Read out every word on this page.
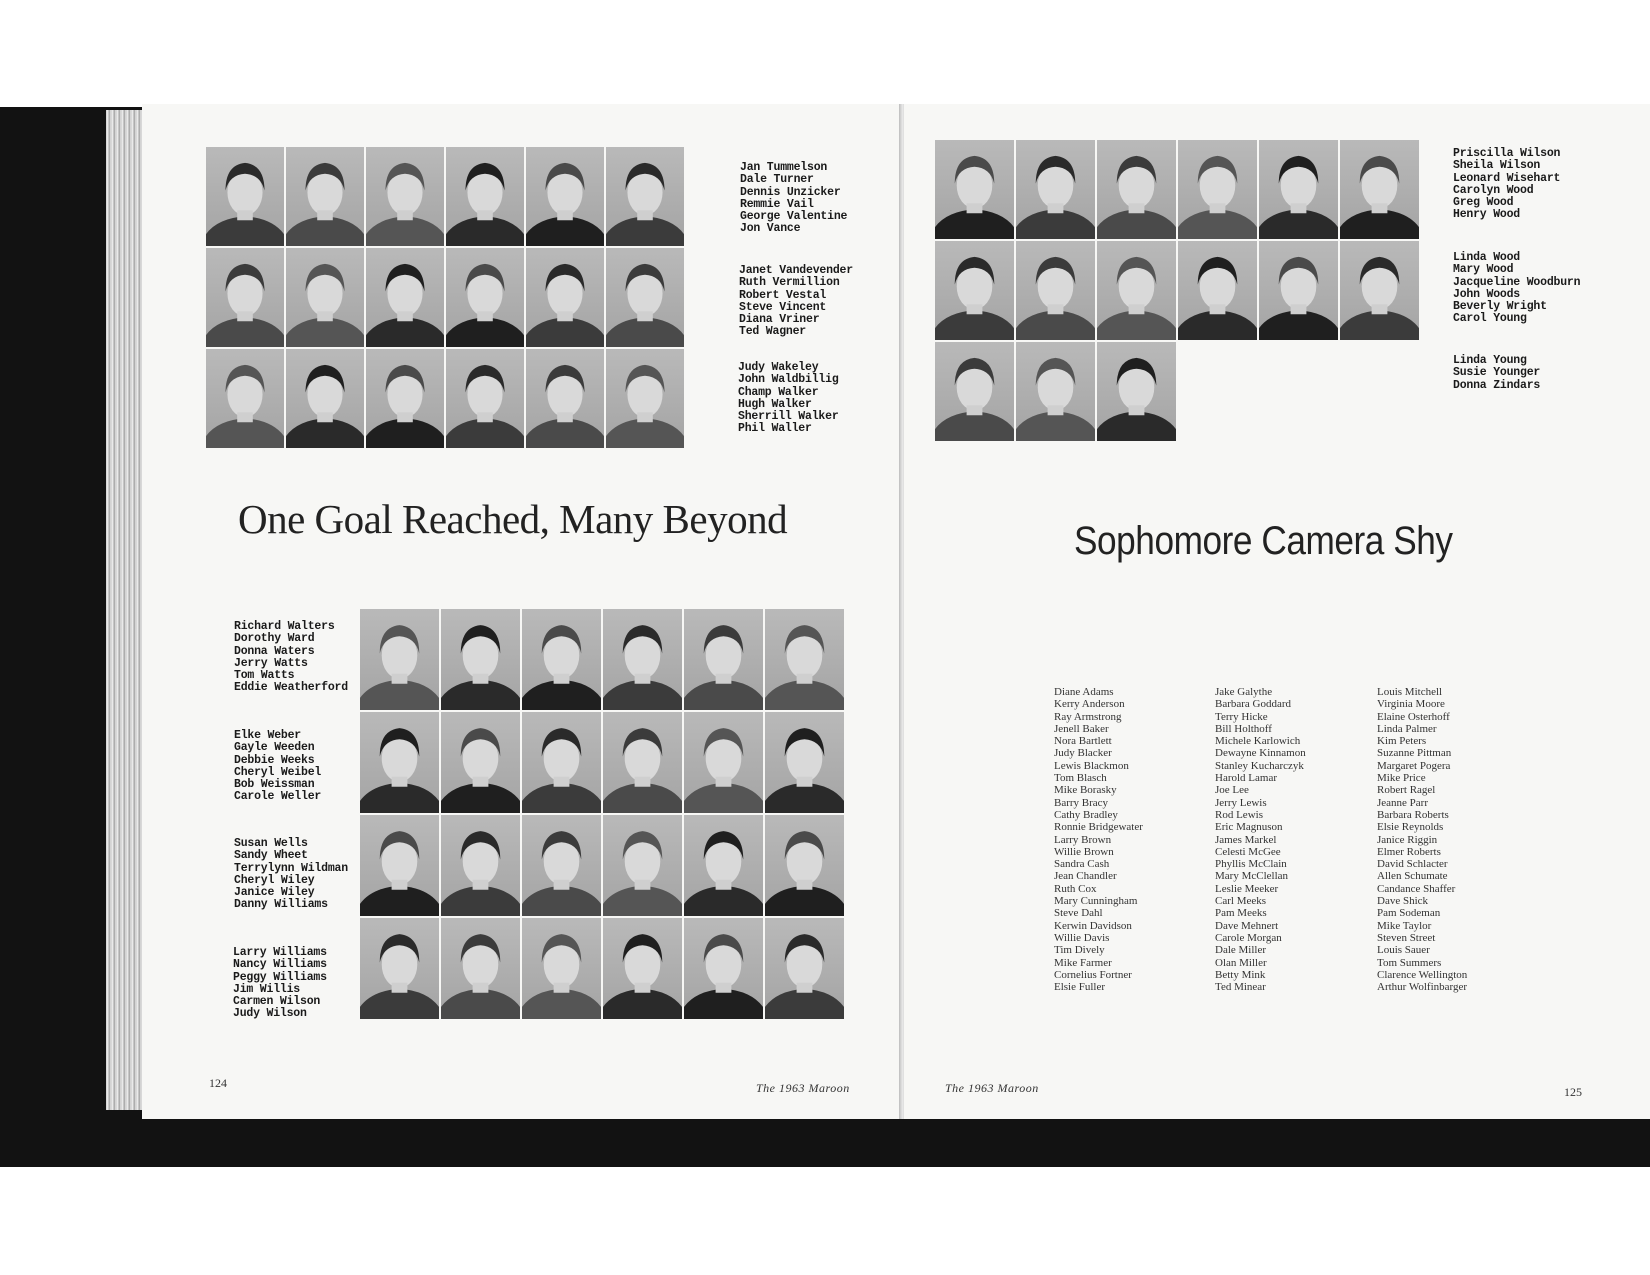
Jan Tummelson
Dale Turner
Dennis Unzicker
Remmie Vail
George Valentine
Jon Vance
Janet Vandevender
Ruth Vermillion
Robert Vestal
Steve Vincent
Diana Vriner
Ted Wagner
Judy Wakeley
John Waldbillig
Champ Walker
Hugh Walker
Sherrill Walker
Phil Waller
One Goal Reached, Many Beyond
Richard Walters
Dorothy Ward
Donna Waters
Jerry Watts
Tom Watts
Eddie Weatherford
Elke Weber
Gayle Weeden
Debbie Weeks
Cheryl Weibel
Bob Weissman
Carole Weller
Susan Wells
Sandy Wheet
Terrylynn Wildman
Cheryl Wiley
Janice Wiley
Danny Williams
Larry Williams
Nancy Williams
Peggy Williams
Jim Willis
Carmen Wilson
Judy Wilson
124	The 1963 Maroon
Priscilla Wilson
Sheila Wilson
Leonard Wisehart
Carolyn Wood
Greg Wood
Henry Wood
Linda Wood
Mary Wood
Jacqueline Woodburn
John Woods
Beverly Wright
Carol Young
Linda Young
Susie Younger
Donna Zindars
Sophomore Camera Shy
Diane Adams
Kerry Anderson
Ray Armstrong
Jenell Baker
Nora Bartlett
Judy Blacker
Lewis Blackmon
Tom Blasch
Mike Borasky
Barry Bracy
Cathy Bradley
Ronnie Bridgewater
Larry Brown
Willie Brown
Sandra Cash
Jean Chandler
Ruth Cox
Mary Cunningham
Steve Dahl
Kerwin Davidson
Willie Davis
Tim Dively
Mike Farmer
Cornelius Fortner
Elsie Fuller
Jake Galythe
Barbara Goddard
Terry Hicke
Bill Holthoff
Michele Karlowich
Dewayne Kinnamon
Stanley Kucharczyk
Harold Lamar
Joe Lee
Jerry Lewis
Rod Lewis
Eric Magnuson
James Markel
Celesti McGee
Phyllis McClain
Mary McClellan
Leslie Meeker
Carl Meeks
Pam Meeks
Dave Mehnert
Carole Morgan
Dale Miller
Olan Miller
Betty Mink
Ted Minear
Louis Mitchell
Virginia Moore
Elaine Osterhoff
Linda Palmer
Kim Peters
Suzanne Pittman
Margaret Pogera
Mike Price
Robert Ragel
Jeanne Parr
Barbara Roberts
Elsie Reynolds
Janice Riggin
Elmer Roberts
David Schlacter
Allen Schumate
Candance Shaffer
Dave Shick
Pam Sodeman
Mike Taylor
Steven Street
Louis Sauer
Tom Summers
Clarence Wellington
Arthur Wolfinbarger
The 1963 Maroon	125
